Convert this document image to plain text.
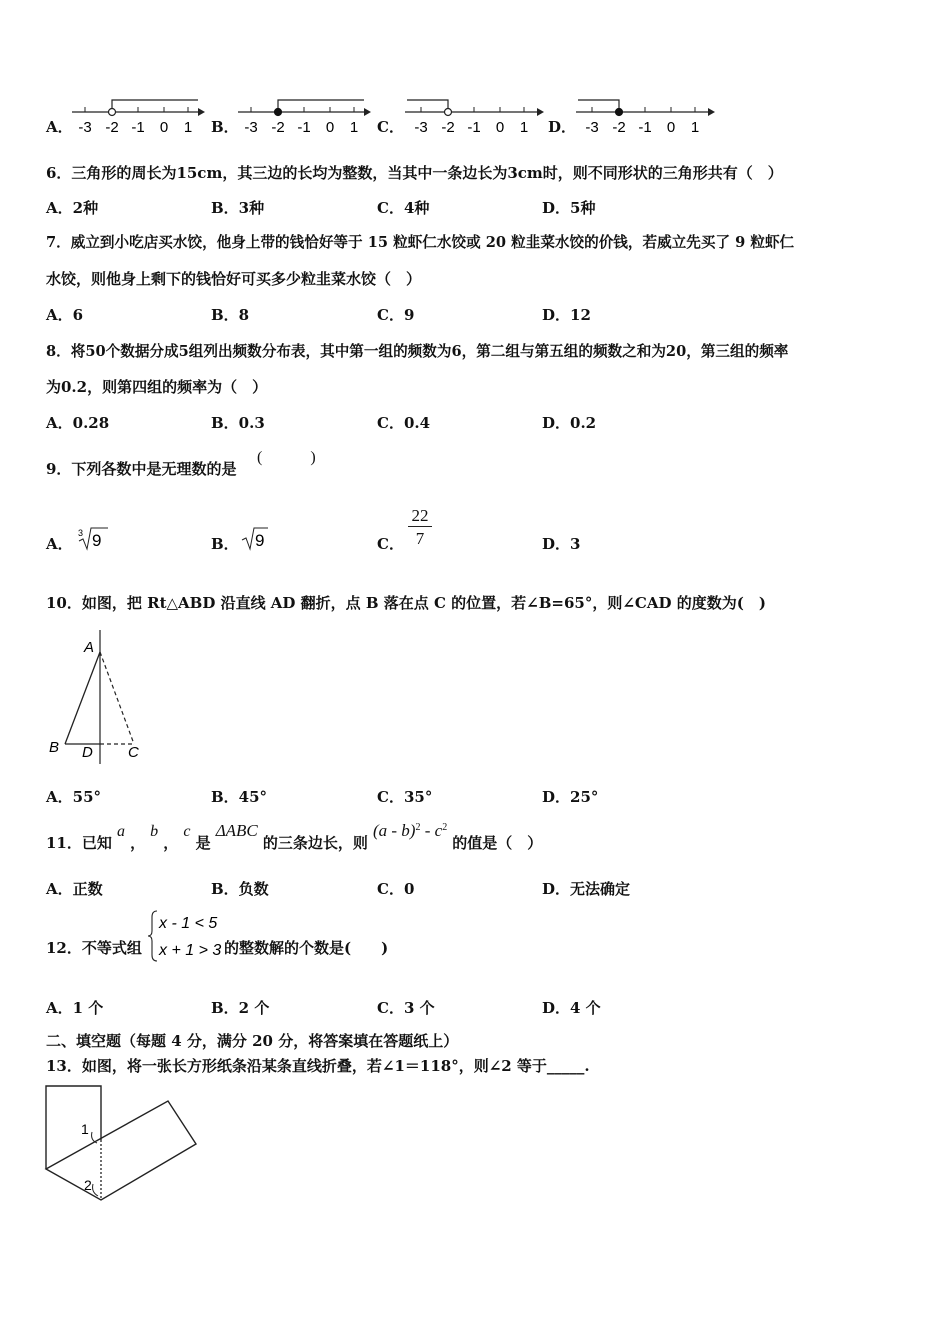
A． -3 -2 -1 0 1 B． -3 -2 -1 0 1 C． -3 -2 -1 0 1 D． -3 -2 -1 0 1
6．三角形的周长为15cm，其三边的长均为整数，当其中一条边长为3cm时，则不同形状的三角形共有（　）
A．2种	B．3种	C．4种	D．5种
7．威立到小吃店买水饺，他身上带的钱恰好等于 15 粒虾仁水饺或 20 粒韭菜水饺的价钱，若威立先买了 9 粒虾仁
水饺，则他身上剩下的钱恰好可买多少粒韭菜水饺（　）
A．6	B．8	C．9	D．12
8．将50个数据分成5组列出频数分布表，其中第一组的频数为6，第二组与第五组的频数之和为20，第三组的频率
为0.2，则第四组的频率为（　）
A．0.28	B．0.3	C．0.4	D．0.2
9．下列各数中是无理数的是
(　　　)
A．
3 9	B． 9	C．
22
7	D．3
10．如图，把 Rt△ABD 沿直线 AD 翻折，点 B 落在点 C 的位置，若∠B=65°，则∠CAD 的度数为(　)
A
B D C
A．55°	B．45°	C．35°	D．25°
11．已知 a ， b ， c 是 ΔABC 的三条边长，则 $(a - b)^2 - c^2$ 的值是（　）
A．正数	B．负数	C．0	D．无法确定
12．不等式组
x - 1 < 5
x + 1 > 3 的整数解的个数是(　　)
A．1 个	B．2 个	C．3 个	D．4 个
二、填空题（每题 4 分，满分 20 分，将答案填在答题纸上）
13．如图，将一张长方形纸条沿某条直线折叠，若∠1＝118°，则∠2 等于_____.
1
2
